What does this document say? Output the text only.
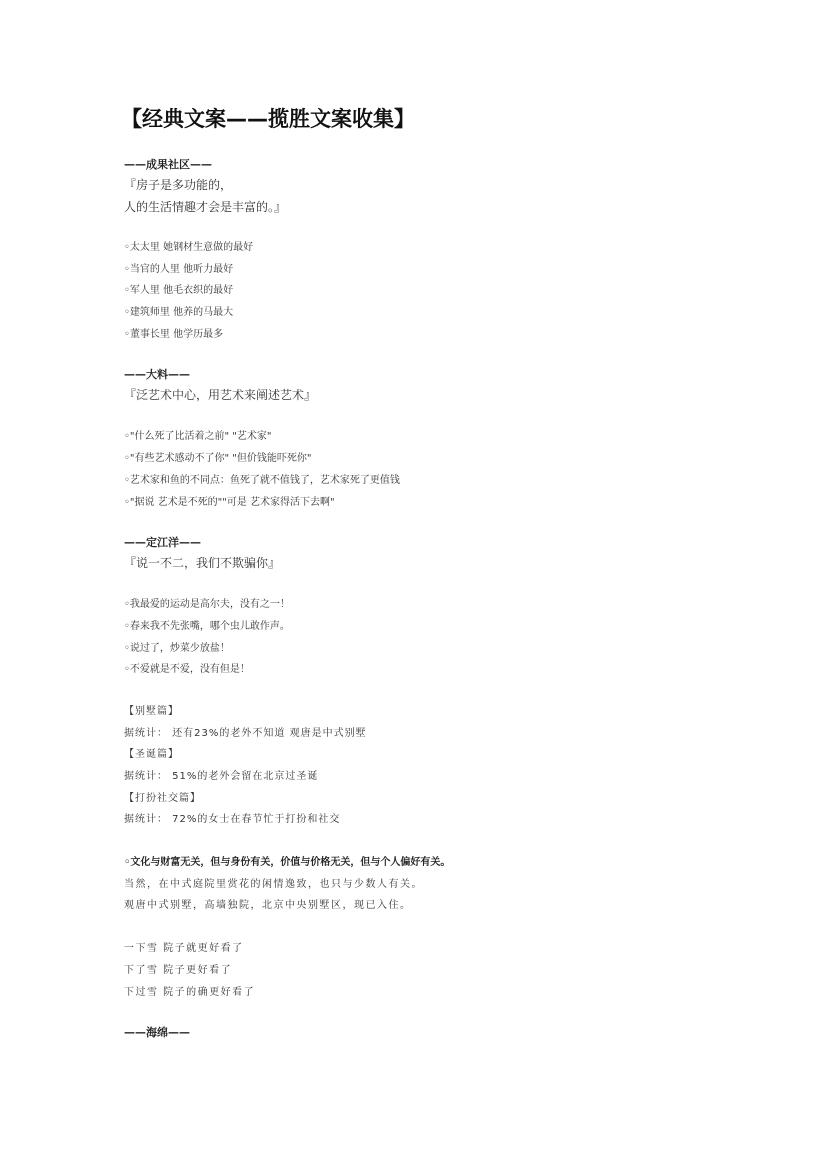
【经典文案——揽胜文案收集】
——成果社区——
『房子是多功能的，
人的生活情趣才会是丰富的。』
◦太太里 她钢材生意做的最好
◦当官的人里 他听力最好
◦军人里 他毛衣织的最好
◦建筑师里 他养的马最大
◦董事长里 他学历最多
——大料——
『泛艺术中心，用艺术来阐述艺术』
◦"什么死了比活着之前" "艺术家"
◦"有些艺术感动不了你" "但价钱能吓死你"
◦艺术家和鱼的不同点：鱼死了就不值钱了，艺术家死了更值钱
◦"据说 艺术是不死的""可是 艺术家得活下去啊"
——定江洋——
『说一不二，我们不欺骗你』
◦我最爱的运动是高尔夫，没有之一！
◦春来我不先张嘴，哪个虫儿敢作声。
◦说过了，炒菜少放盐！
◦不爱就是不爱，没有但是！
【别墅篇】
据统计： 还有23%的老外不知道 观唐是中式别墅
【圣诞篇】
据统计： 51%的老外会留在北京过圣诞
【打扮社交篇】
据统计： 72%的女士在春节忙于打扮和社交
◦文化与财富无关，但与身份有关，价值与价格无关，但与个人偏好有关。
当然，在中式庭院里赏花的闲情逸致，也只与少数人有关。
观唐中式别墅，高墙独院，北京中央别墅区，现已入住。
一下雪 院子就更好看了
下了雪 院子更好看了
下过雪 院子的确更好看了
——海绵——
